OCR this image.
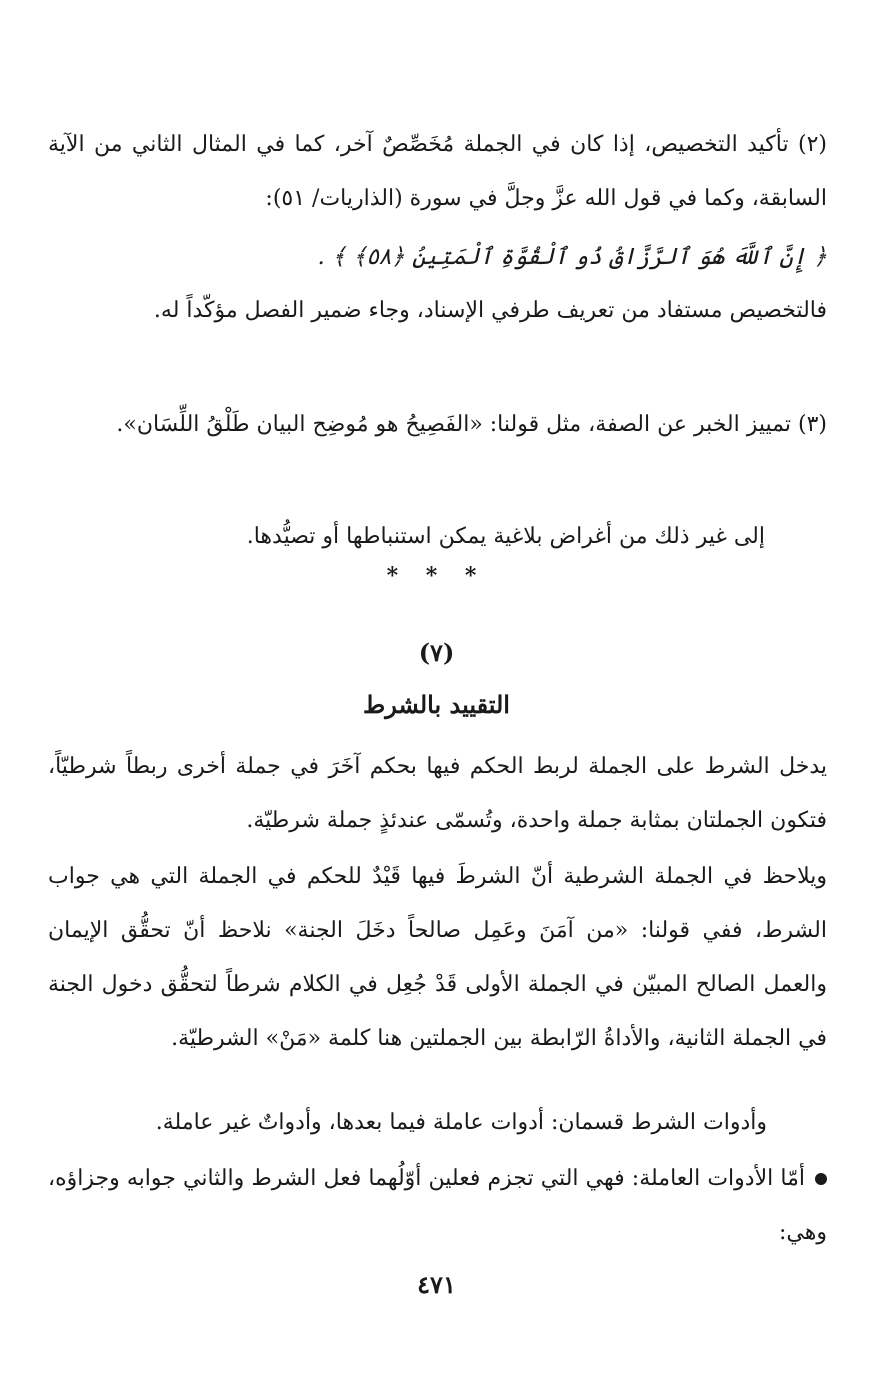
(٢) تأكيد التخصيص، إذا كان في الجملة مُخَصِّصٌ آخر، كما في المثال الثاني من الآية السابقة، وكما في قول الله عزَّ وجلَّ في سورة (الذاريات/ ٥١):

﴿ إِنَّ ٱللَّهَ هُوَ ٱلرَّزَّاقُ ذُو ٱلْقُوَّةِ ٱلْمَتِينُ ﴿٥٨﴾ ﴾ .

فالتخصيص مستفاد من تعريف طرفي الإسناد، وجاء ضمير الفصل مؤكّداً له.

(٣) تمييز الخبر عن الصفة، مثل قولنا: «الفَصِيحُ هو مُوضِح البيان طَلْقُ اللِّسَان».

إلى غير ذلك من أغراض بلاغية يمكن استنباطها أو تصيُّدها.

* * *
(٧)
التقييد بالشرط

يدخل الشرط على الجملة لربط الحكم فيها بحكم آخَرَ في جملة أخرى ربطاً شرطيّاً، فتكون الجملتان بمثابة جملة واحدة، وتُسمّى عندئذٍ جملة شرطيّة.

ويلاحظ في الجملة الشرطية أنّ الشرطَ فيها قَيْدٌ للحكم في الجملة التي هي جواب الشرط، ففي قولنا: «من آمَنَ وعَمِل صالحاً دخَلَ الجنة» نلاحظ أنّ تحقُّق الإيمان والعمل الصالح المبيّن في الجملة الأولى قَدْ جُعِل في الكلام شرطاً لتحقُّق دخول الجنة في الجملة الثانية، والأداةُ الرّابطة بين الجملتين هنا كلمة «مَنْ» الشرطيّة.

وأدوات الشرط قسمان: أدوات عاملة فيما بعدها، وأدواتٌ غير عاملة.

أمّا الأدوات العاملة: فهي التي تجزم فعلين أوّلُهما فعل الشرط والثاني جوابه وجزاؤه، وهي:

٤٧١
